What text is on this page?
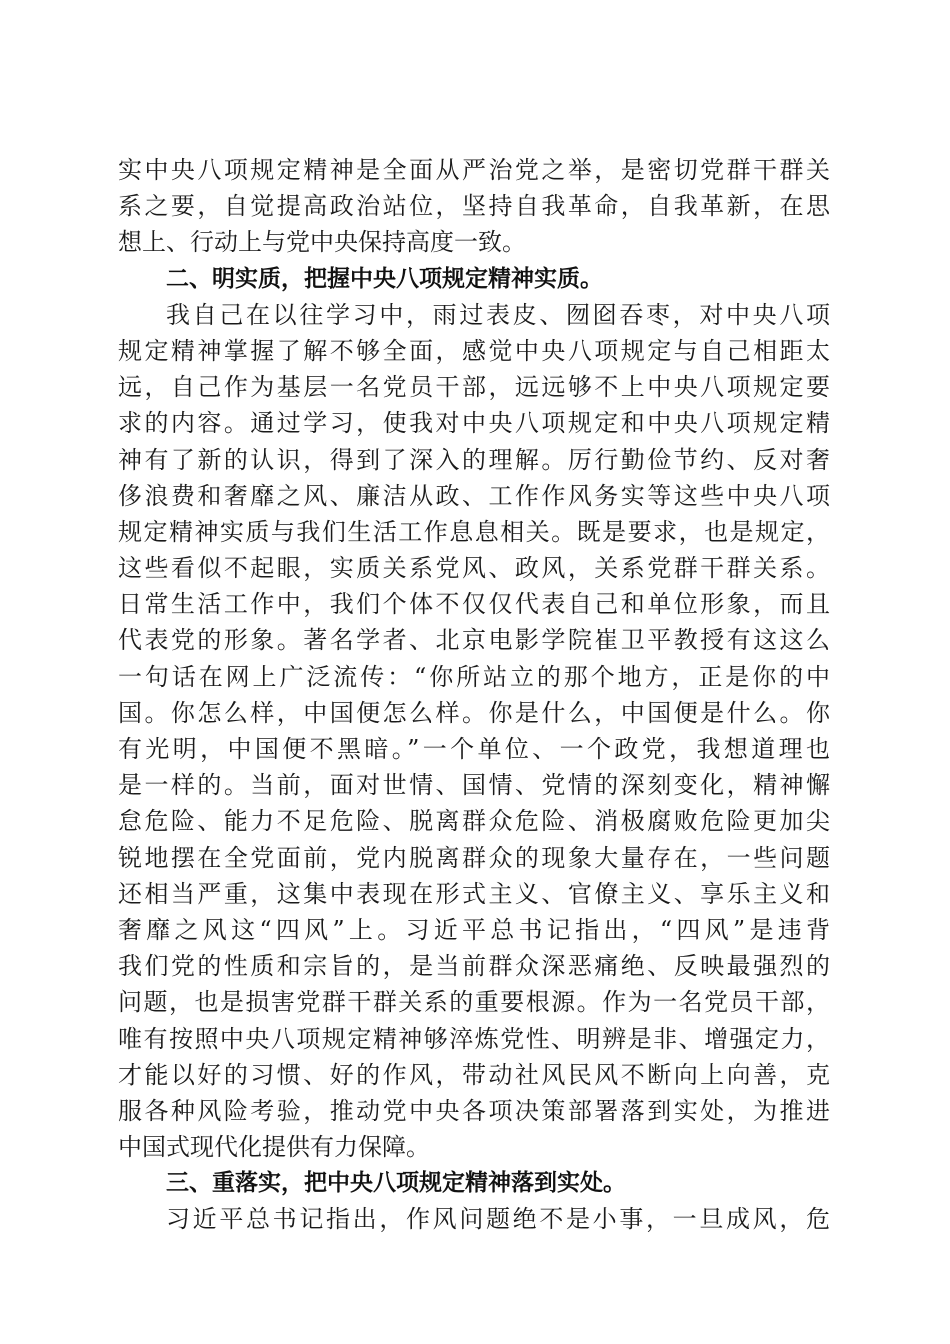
实中央八项规定精神是全面从严治党之举，是密切党群干群关
系之要，自觉提高政治站位，坚持自我革命，自我革新，在思
想上、行动上与党中央保持高度一致。
二、明实质，把握中央八项规定精神实质。
我自己在以往学习中，雨过表皮、囫囵吞枣，对中央八项
规定精神掌握了解不够全面，感觉中央八项规定与自己相距太
远，自己作为基层一名党员干部，远远够不上中央八项规定要
求的内容。通过学习，使我对中央八项规定和中央八项规定精
神有了新的认识，得到了深入的理解。厉行勤俭节约、反对奢
侈浪费和奢靡之风、廉洁从政、工作作风务实等这些中央八项
规定精神实质与我们生活工作息息相关。既是要求，也是规定，
这些看似不起眼，实质关系党风、政风，关系党群干群关系。
日常生活工作中，我们个体不仅仅代表自己和单位形象，而且
代表党的形象。著名学者、北京电影学院崔卫平教授有这这么
一句话在网上广泛流传：“你所站立的那个地方，正是你的中
国。你怎么样，中国便怎么样。你是什么，中国便是什么。你
有光明，中国便不黑暗。”一个单位、一个政党，我想道理也
是一样的。当前，面对世情、国情、党情的深刻变化，精神懈
怠危险、能力不足危险、脱离群众危险、消极腐败危险更加尖
锐地摆在全党面前，党内脱离群众的现象大量存在，一些问题
还相当严重，这集中表现在形式主义、官僚主义、享乐主义和
奢靡之风这“四风”上。习近平总书记指出，“四风”是违背
我们党的性质和宗旨的，是当前群众深恶痛绝、反映最强烈的
问题，也是损害党群干群关系的重要根源。作为一名党员干部，
唯有按照中央八项规定精神够淬炼党性、明辨是非、增强定力，
才能以好的习惯、好的作风，带动社风民风不断向上向善，克
服各种风险考验，推动党中央各项决策部署落到实处，为推进
中国式现代化提供有力保障。
三、重落实，把中央八项规定精神落到实处。
习近平总书记指出，作风问题绝不是小事，一旦成风，危
